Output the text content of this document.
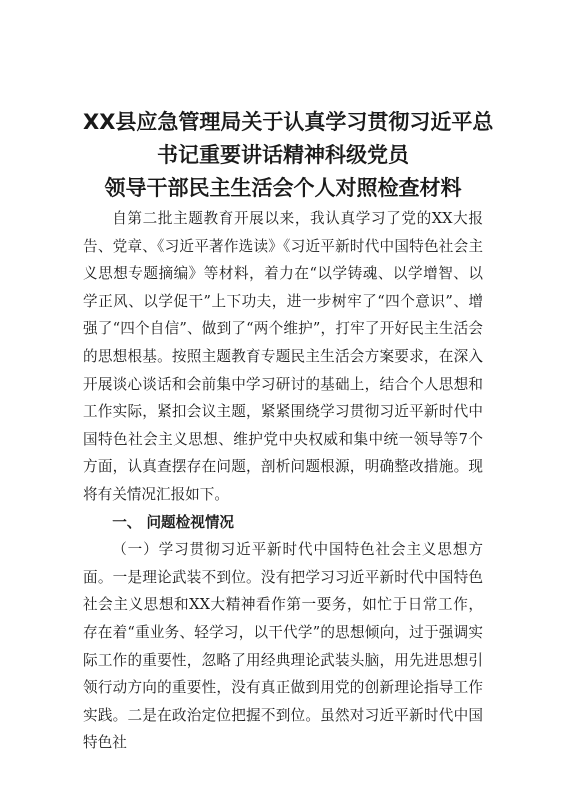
XX县应急管理局关于认真学习贯彻习近平总
书记重要讲话精神科级党员
领导干部民主生活会个人对照检查材料

自第二批主题教育开展以来，我认真学习了党的XX大报告、党章、《习近平著作选读》《习近平新时代中国特色社会主义思想专题摘编》等材料，着力在“以学铸魂、以学增智、以学正风、以学促干”上下功夫，进一步树牢了“四个意识”、增强了“四个自信”、做到了“两个维护”，打牢了开好民主生活会的思想根基。按照主题教育专题民主生活会方案要求，在深入开展谈心谈话和会前集中学习研讨的基础上，结合个人思想和工作实际，紧扣会议主题，紧紧围绕学习贯彻习近平新时代中国特色社会主义思想、维护党中央权威和集中统一领导等7个方面，认真查摆存在问题，剖析问题根源，明确整改措施。现将有关情况汇报如下。

一、 问题检视情况

（一）学习贯彻习近平新时代中国特色社会主义思想方面。一是理论武装不到位。没有把学习习近平新时代中国特色社会主义思想和XX大精神看作第一要务，如忙于日常工作，存在着“重业务、轻学习，以干代学”的思想倾向，过于强调实际工作的重要性，忽略了用经典理论武装头脑，用先进思想引领行动方向的重要性，没有真正做到用党的创新理论指导工作实践。二是在政治定位把握不到位。虽然对习近平新时代中国特色社
